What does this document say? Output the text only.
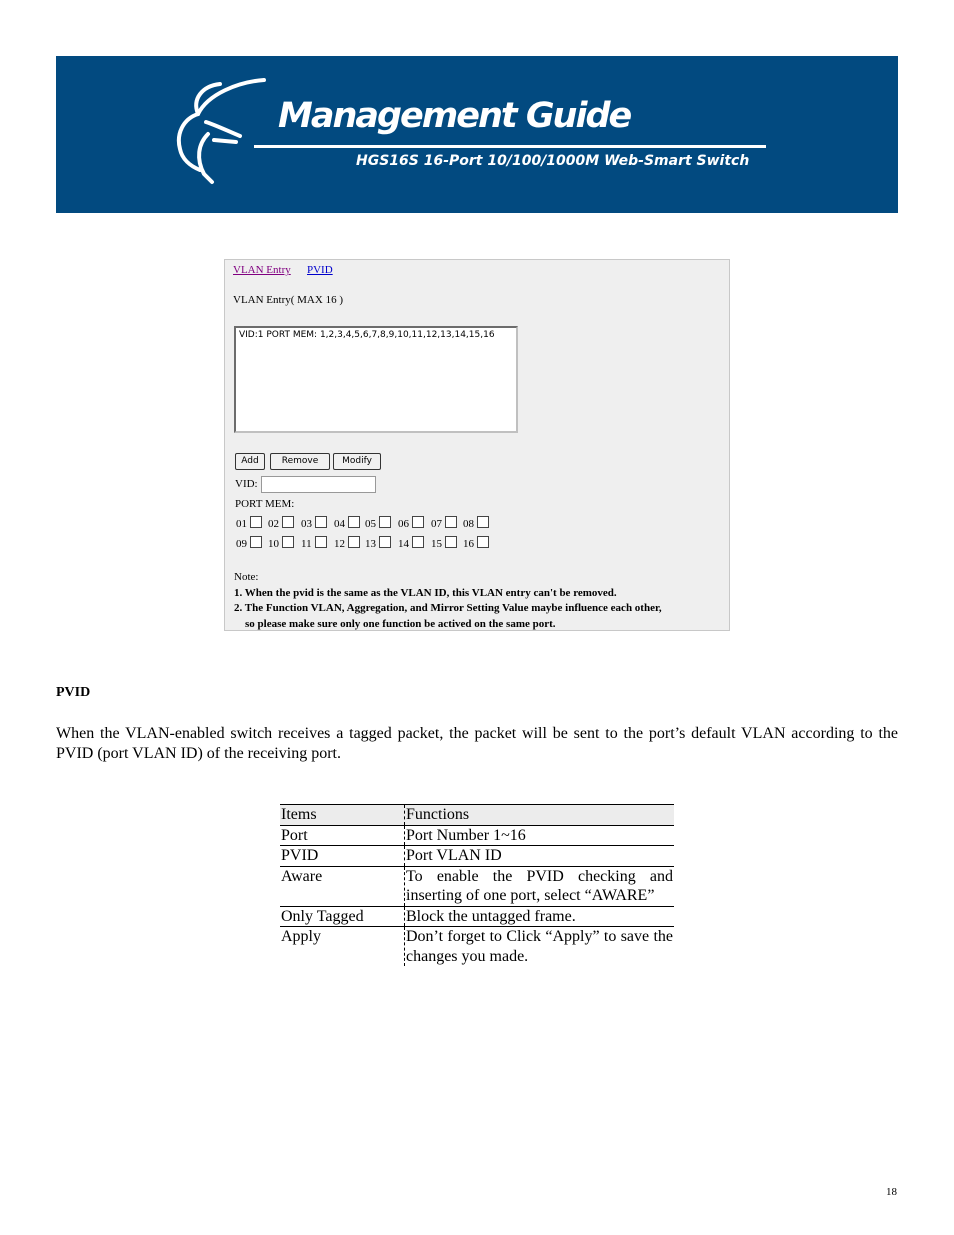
Management Guide
HGS16S 16-Port 10/100/1000M Web-Smart Switch
VLAN Entry PVID
VLAN Entry( MAX 16 )
VID:1 PORT MEM: 1,2,3,4,5,6,7,8,9,10,11,12,13,14,15,16
Add	Remove	Modify
VID:
PORT MEM:
01	02	03	04	05	06	07	08
09	10	11	12	13	14	15	16
Note:
1. When the pvid is the same as the VLAN ID, this VLAN entry can't be removed.
2. The Function VLAN, Aggregation, and Mirror Setting Value maybe influence each other,
so please make sure only one function be actived on the same port.
PVID
When the VLAN-enabled switch receives a tagged packet, the packet will be sent to the port’s default VLAN according to the PVID (port VLAN ID) of the receiving port.
Items	Functions
Port	Port Number 1~16
PVID	Port VLAN ID
Aware	To enable the PVID checking and inserting of one port, select “AWARE”
Only Tagged	Block the untagged frame.
Apply	Don’t forget to Click “Apply” to save the changes you made.
18
